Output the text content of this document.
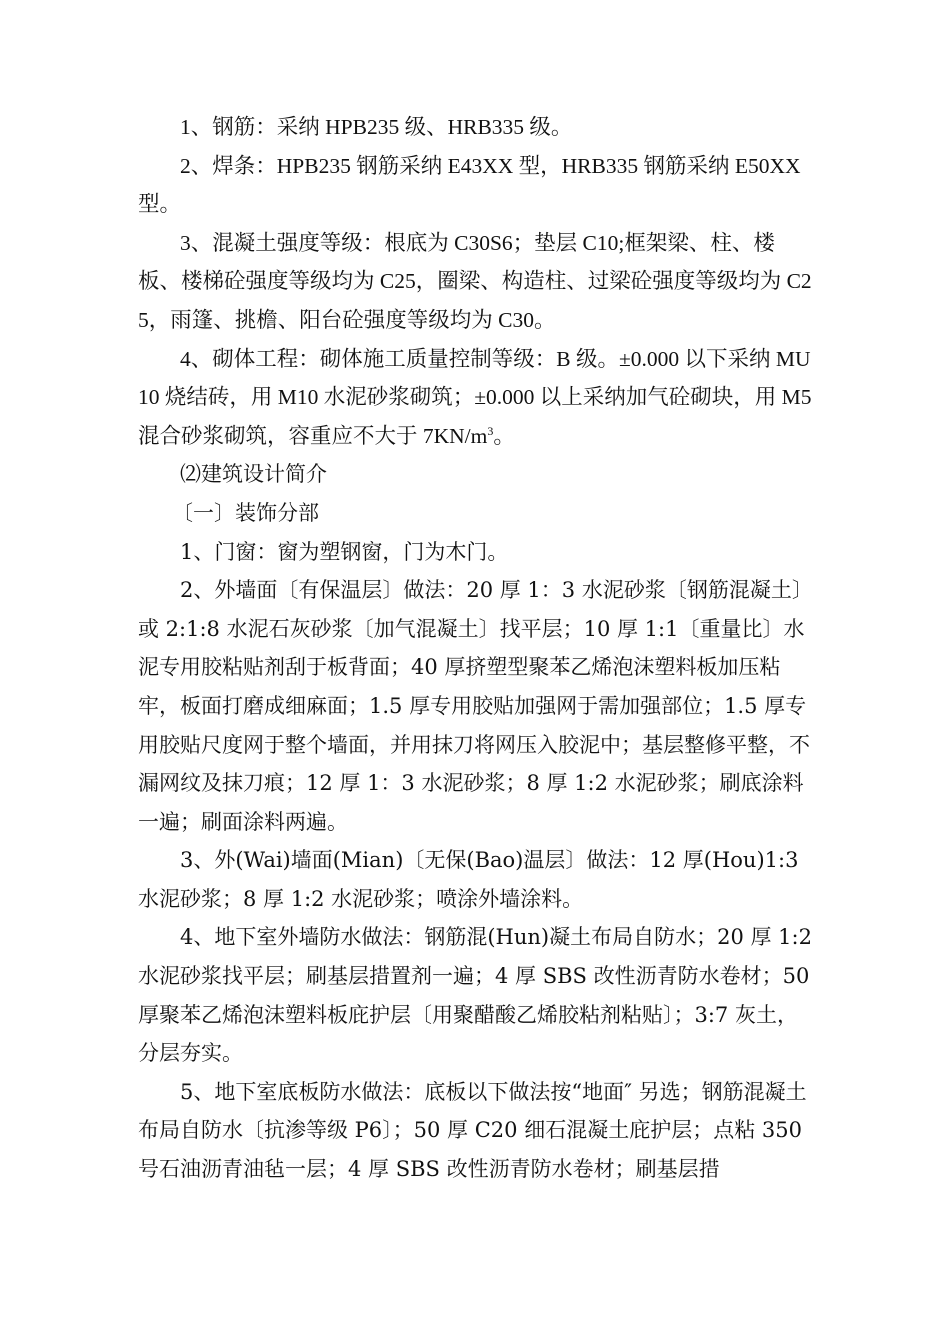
1、钢筋：采纳 HPB235 级、HRB335 级。

2、焊条：HPB235 钢筋采纳 E43XX 型，HRB335 钢筋采纳 E50XX 型。

3、混凝土强度等级：根底为 C30S6；垫层 C10;框架梁、柱、楼板、楼梯砼强度等级均为 C25，圈梁、构造柱、过梁砼强度等级均为 C25，雨篷、挑檐、阳台砼强度等级均为 C30。

4、砌体工程：砌体施工质量控制等级：B 级。±0.000 以下采纳 MU10 烧结砖，用 M10 水泥砂浆砌筑；±0.000 以上采纳加气砼砌块，用 M5 混合砂浆砌筑，容重应不大于 $7KN/m^3$。

⑵建筑设计简介

〔一〕装饰分部

1、门窗：窗为塑钢窗，门为木门。

2、外墙面〔有保温层〕做法：20 厚 1：3 水泥砂浆〔钢筋混凝土〕或 2:1:8 水泥石灰砂浆〔加气混凝土〕找平层；10 厚 1:1〔重量比〕水泥专用胶粘贴剂刮于板背面；40 厚挤塑型聚苯乙烯泡沫塑料板加压粘牢，板面打磨成细麻面；1.5 厚专用胶贴加强网于需加强部位；1.5 厚专用胶贴尺度网于整个墙面，并用抹刀将网压入胶泥中；基层整修平整，不漏网纹及抹刀痕；12 厚 1：3 水泥砂浆；8 厚 1:2 水泥砂浆；刷底涂料一遍；刷面涂料两遍。

3、外(Wai)墙面(Mian)〔无保(Bao)温层〕做法：12 厚(Hou)1:3 水泥砂浆；8 厚 1:2 水泥砂浆；喷涂外墙涂料。

4、地下室外墙防水做法：钢筋混(Hun)凝土布局自防水；20 厚 1:2 水泥砂浆找平层；刷基层措置剂一遍；4 厚 SBS 改性沥青防水卷材；50 厚聚苯乙烯泡沫塑料板庇护层〔用聚醋酸乙烯胶粘剂粘贴〕；3:7 灰土，分层夯实。

5、地下室底板防水做法：底板以下做法按“地面″ 另选；钢筋混凝土布局自防水〔抗渗等级 P6〕；50 厚 C20 细石混凝土庇护层；点粘 350 号石油沥青油毡一层；4 厚 SBS 改性沥青防水卷材；刷基层措
